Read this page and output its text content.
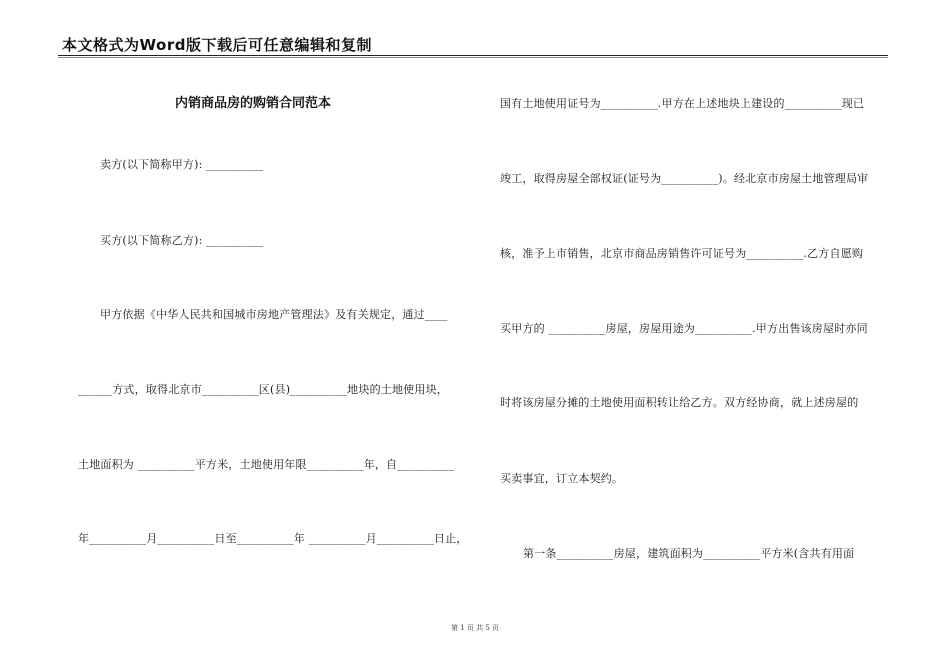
本文格式为Word版下载后可任意编辑和复制
内销商品房的购销合同范本
卖方(以下简称甲方): __________
买方(以下简称乙方): __________
甲方依据《中华人民共和国城市房地产管理法》及有关规定，通过____
______方式，取得北京市__________区(县)__________地块的土地使用块，
土地面积为 __________平方米，土地使用年限__________年，自__________
年__________月__________日至__________年 __________月__________日止，
国有土地使用证号为__________.甲方在上述地块上建设的__________现已
竣工，取得房屋全部权证(证号为__________)。经北京市房屋土地管理局审
核，准予上市销售，北京市商品房销售许可证号为__________.乙方自愿购
买甲方的 __________房屋，房屋用途为__________.甲方出售该房屋时亦同
时将该房屋分摊的土地使用面积转让给乙方。双方经协商，就上述房屋的
买卖事宜，订立本契约。
第一条__________房屋，建筑面积为__________平方米(含共有用面
第 1 页 共 5 页
